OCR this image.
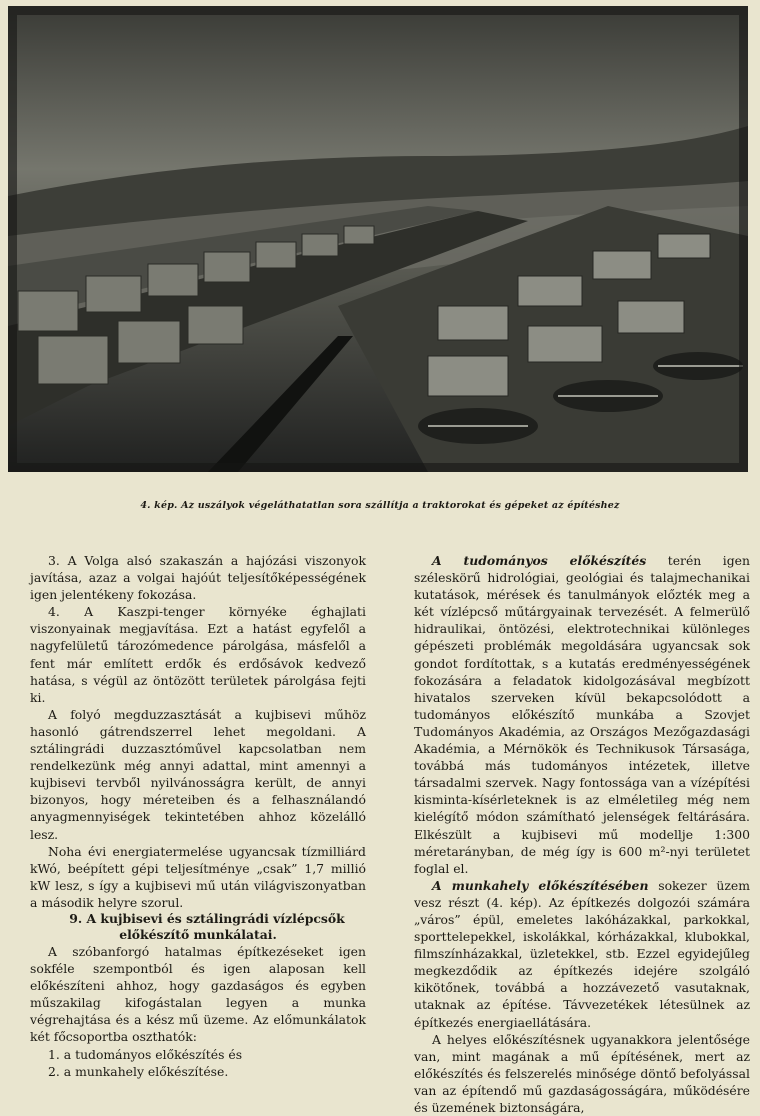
4. kép. Az uszályok végeláthatatlan sora szállítja a traktorokat és gépeket az építéshez

3. A Volga alsó szakaszán a hajózási viszonyok javítása, azaz a volgai hajóút teljesítőképességének igen jelentékeny fokozása.

4. A Kaszpi-tenger környéke éghajlati viszonyainak megjavítása. Ezt a hatást egyfelől a nagyfelületű tározómedence párolgása, másfelől a fent már említett erdők és erdősávok kedvező hatása, s végül az öntözött területek párolgása fejti ki.

A folyó megduzzasztását a kujbisevi műhöz hasonló gátrendszerrel lehet megoldani. A sztálingrádi duzzasztóművel kapcsolatban nem rendelkezünk még annyi adattal, mint amennyi a kujbisevi tervből nyilvánosságra került, de annyi bizonyos, hogy méreteiben és a felhasználandó anyagmennyiségek tekintetében ahhoz közelálló lesz.

Noha évi energiatermelése ugyancsak tízmilliárd kWó, beépített gépi teljesítménye „csak” 1,7 millió kW lesz, s így a kujbisevi mű után világviszonyatban a második helyre szorul.

9. A kujbisevi és sztálingrádi vízlépcsők előkészítő munkálatai.

A szóbanforgó hatalmas építkezéseket igen sokféle szempontból és igen alaposan kell előkészíteni ahhoz, hogy gazdaságos és egyben műszakilag kifogástalan legyen a munka végrehajtása és a kész mű üzeme. Az előmunkálatok két főcsoportba oszthatók:

1. a tudományos előkészítés és

2. a munkahely előkészítése.

A tudományos előkészítés terén igen széleskörű hidrológiai, geológiai és talajmechanikai kutatások, mérések és tanulmányok előzték meg a két vízlépcső műtárgyainak tervezését. A felmerülő hidraulikai, öntözési, elektrotechnikai különleges gépészeti problémák megoldására ugyancsak sok gondot fordítottak, s a kutatás eredményességének fokozására a feladatok kidolgozásával megbízott hivatalos szerveken kívül bekapcsolódott a tudományos előkészítő munkába a Szovjet Tudományos Akadémia, az Országos Mezőgazdasági Akadémia, a Mérnökök és Technikusok Társasága, továbbá más tudományos intézetek, illetve társadalmi szervek. Nagy fontossága van a vízépítési kisminta-kísérleteknek is az elméletileg még nem kielégítő módon számítható jelenségek feltárására. Elkészült a kujbisevi mű modellje 1:300 méretarányban, de még így is 600 m²-nyi területet foglal el.

A munkahely előkészítésében sokezer üzem vesz részt (4. kép). Az építkezés dolgozói számára „város” épül, emeletes lakóházakkal, parkokkal, sporttelepekkel, iskolákkal, kórházakkal, klubokkal, filmszínházakkal, üzletekkel, stb. Ezzel egyidejűleg megkezdődik az építkezés idejére szolgáló kikötőnek, továbbá a hozzávezető vasutaknak, utaknak az építése. Távvezetékek létesülnek az építkezés energiaellátására.

A helyes előkészítésnek ugyanakkora jelentősége van, mint magának a mű építésének, mert az előkészítés és felszerelés minősége döntő befolyással van az építendő mű gazdaságosságára, működésére és üzemének biztonságára,
